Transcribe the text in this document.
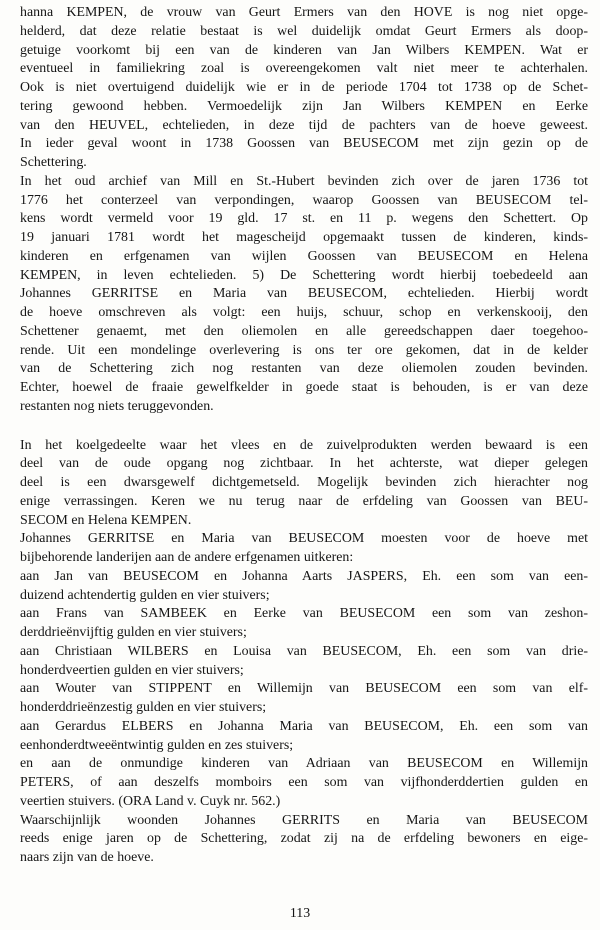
hanna KEMPEN, de vrouw van Geurt Ermers van den HOVE is nog niet opge-
helderd, dat deze relatie bestaat is wel duidelijk omdat Geurt Ermers als doop-
getuige voorkomt bij een van de kinderen van Jan Wilbers KEMPEN. Wat er
eventueel in familiekring zoal is overeengekomen valt niet meer te achterhalen.
Ook is niet overtuigend duidelijk wie er in de periode 1704 tot 1738 op de Schet-
tering gewoond hebben. Vermoedelijk zijn Jan Wilbers KEMPEN en Eerke
van den HEUVEL, echtelieden, in deze tijd de pachters van de hoeve geweest.
In ieder geval woont in 1738 Goossen van BEUSECOM met zijn gezin op de
Schettering.
In het oud archief van Mill en St.-Hubert bevinden zich over de jaren 1736 tot
1776 het conterzeel van verpondingen, waarop Goossen van BEUSECOM tel-
kens wordt vermeld voor 19 gld. 17 st. en 11 p. wegens den Schettert. Op
19 januari 1781 wordt het magescheijd opgemaakt tussen de kinderen, kinds-
kinderen en erfgenamen van wijlen Goossen van BEUSECOM en Helena
KEMPEN, in leven echtelieden. 5) De Schettering wordt hierbij toebedeeld aan
Johannes GERRITSE en Maria van BEUSECOM, echtelieden. Hierbij wordt
de hoeve omschreven als volgt: een huijs, schuur, schop en verkenskooij, den
Schettener genaemt, met den oliemolen en alle gereedschappen daer toegehoo-
rende. Uit een mondelinge overlevering is ons ter ore gekomen, dat in de kelder
van de Schettering zich nog restanten van deze oliemolen zouden bevinden.
Echter, hoewel de fraaie gewelfkelder in goede staat is behouden, is er van deze
restanten nog niets teruggevonden.
In het koelgedeelte waar het vlees en de zuivelprodukten werden bewaard is een
deel van de oude opgang nog zichtbaar. In het achterste, wat dieper gelegen
deel is een dwarsgewelf dichtgemetseld. Mogelijk bevinden zich hierachter nog
enige verrassingen. Keren we nu terug naar de erfdeling van Goossen van BEU-
SECOM en Helena KEMPEN.
Johannes GERRITSE en Maria van BEUSECOM moesten voor de hoeve met
bijbehorende landerijen aan de andere erfgenamen uitkeren:
aan Jan van BEUSECOM en Johanna Aarts JASPERS, Eh. een som van een-
duizend achtendertig gulden en vier stuivers;
aan Frans van SAMBEEK en Eerke van BEUSECOM een som van zeshon-
derddrieënvijftig gulden en vier stuivers;
aan Christiaan WILBERS en Louisa van BEUSECOM, Eh. een som van drie-
honderdveertien gulden en vier stuivers;
aan Wouter van STIPPENT en Willemijn van BEUSECOM een som van elf-
honderddrieënzestig gulden en vier stuivers;
aan Gerardus ELBERS en Johanna Maria van BEUSECOM, Eh. een som van
eenhonderdtweeëntwintig gulden en zes stuivers;
en aan de onmundige kinderen van Adriaan van BEUSECOM en Willemijn
PETERS, of aan deszelfs momboirs een som van vijfhonderddertien gulden en
veertien stuivers. (ORA Land v. Cuyk nr. 562.)
Waarschijnlijk woonden Johannes GERRITS en Maria van BEUSECOM
reeds enige jaren op de Schettering, zodat zij na de erfdeling bewoners en eige-
naars zijn van de hoeve.
113
